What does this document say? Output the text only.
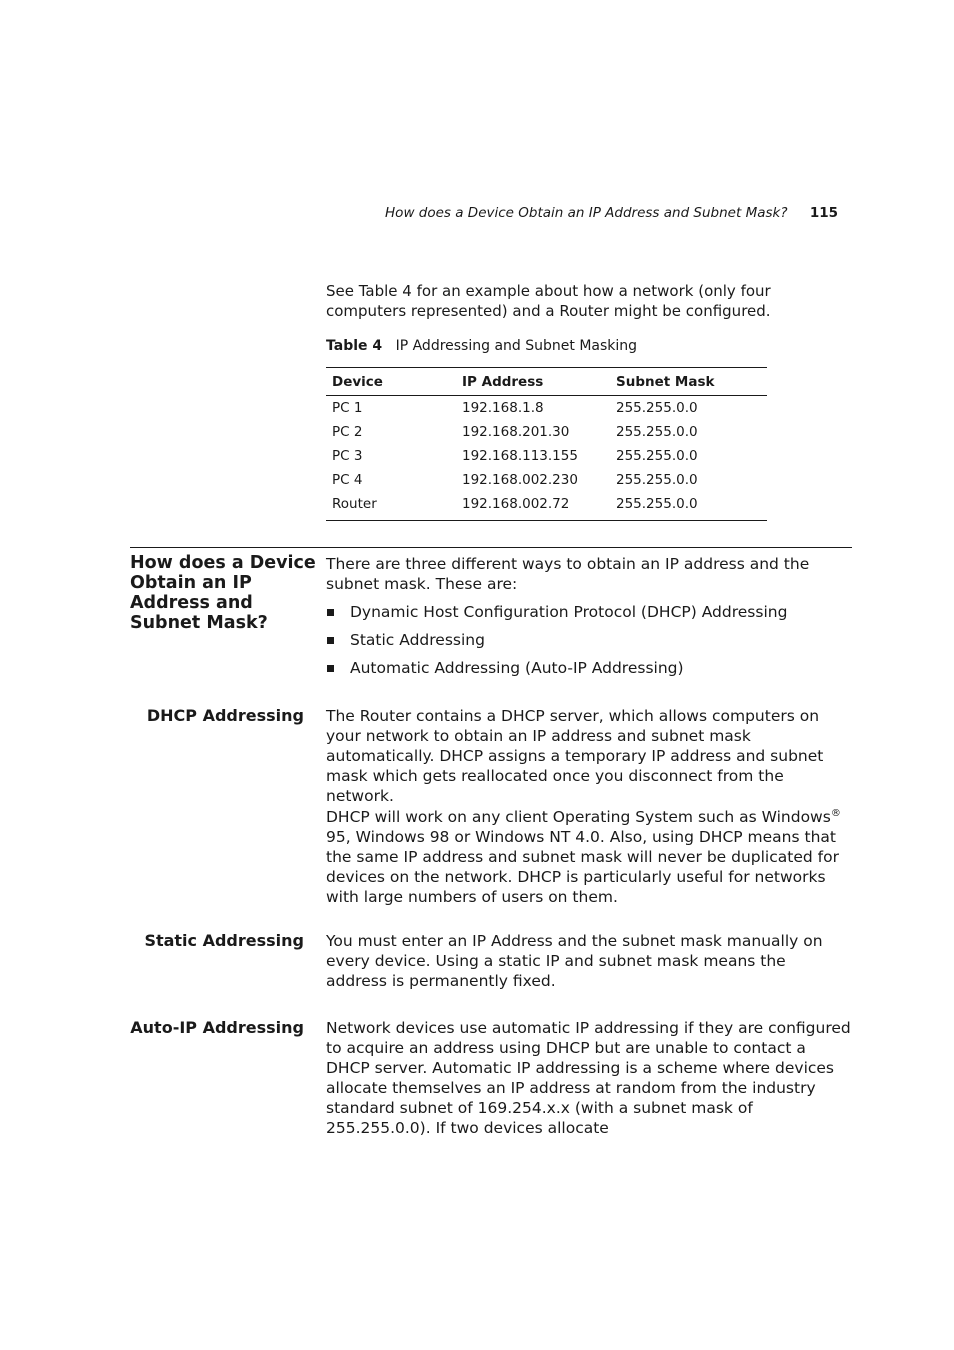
How does a Device Obtain an IP Address and Subnet Mask? 115

See Table 4 for an example about how a network (only four computers represented) and a Router might be configured.

Table 4 IP Addressing and Subnet Masking
Device	IP Address	Subnet Mask
PC 1	192.168.1.8	255.255.0.0
PC 2	192.168.201.30	255.255.0.0
PC 3	192.168.113.155	255.255.0.0
PC 4	192.168.002.230	255.255.0.0
Router	192.168.002.72	255.255.0.0
How does a Device Obtain an IP Address and Subnet Mask?

There are three different ways to obtain an IP address and the subnet mask. These are:

Dynamic Host Configuration Protocol (DHCP) Addressing
Static Addressing
Automatic Addressing (Auto-IP Addressing)
DHCP Addressing The Router contains a DHCP server, which allows computers on your network to obtain an IP address and subnet mask automatically. DHCP assigns a temporary IP address and subnet mask which gets reallocated once you disconnect from the network.

DHCP will work on any client Operating System such as Windows® 95, Windows 98 or Windows NT 4.0. Also, using DHCP means that the same IP address and subnet mask will never be duplicated for devices on the network. DHCP is particularly useful for networks with large numbers of users on them.

Static Addressing You must enter an IP Address and the subnet mask manually on every device. Using a static IP and subnet mask means the address is permanently fixed.

Auto-IP Addressing Network devices use automatic IP addressing if they are configured to acquire an address using DHCP but are unable to contact a DHCP server. Automatic IP addressing is a scheme where devices allocate themselves an IP address at random from the industry standard subnet of 169.254.x.x (with a subnet mask of 255.255.0.0). If two devices allocate
